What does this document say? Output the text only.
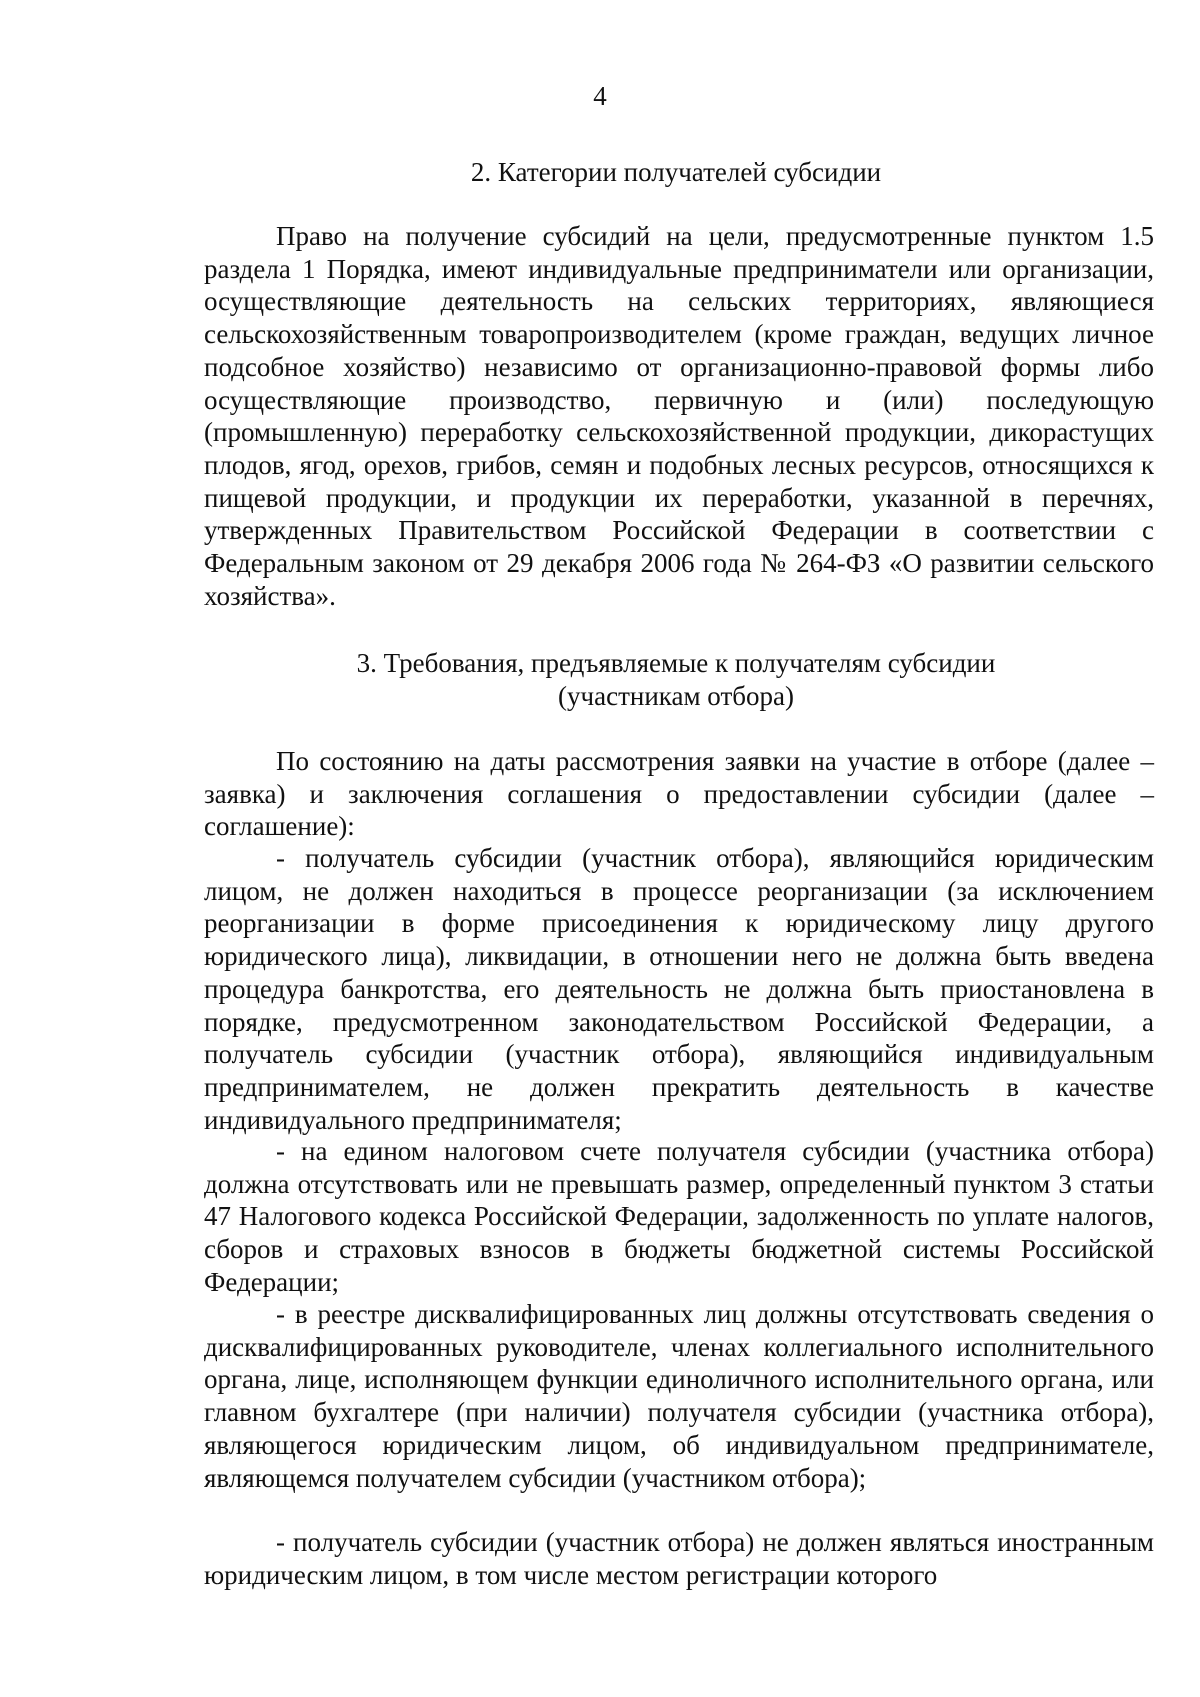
4
2. Категории получателей субсидии

Право на получение субсидий на цели, предусмотренные пунктом 1.5 раздела 1 Порядка, имеют индивидуальные предприниматели или организации, осуществляющие деятельность на сельских территориях, являющиеся сельскохозяйственным товаропроизводителем (кроме граждан, ведущих личное подсобное хозяйство) независимо от организационно-правовой формы либо осуществляющие производство, первичную и (или) последующую (промышленную) переработку сельскохозяйственной продукции, дикорастущих плодов, ягод, орехов, грибов, семян и подобных лесных ресурсов, относящихся к пищевой продукции, и продукции их переработки, указанной в перечнях, утвержденных Правительством Российской Федерации в соответствии с Федеральным законом от 29 декабря 2006 года № 264-ФЗ «О развитии сельского хозяйства».

3. Требования, предъявляемые к получателям субсидии
(участникам отбора)

По состоянию на даты рассмотрения заявки на участие в отборе (далее – заявка) и заключения соглашения о предоставлении субсидии (далее – соглашение):

- получатель субсидии (участник отбора), являющийся юридическим лицом, не должен находиться в процессе реорганизации (за исключением реорганизации в форме присоединения к юридическому лицу другого юридического лица), ликвидации, в отношении него не должна быть введена процедура банкротства, его деятельность не должна быть приостановлена в порядке, предусмотренном законодательством Российской Федерации, а получатель субсидии (участник отбора), являющийся индивидуальным предпринимателем, не должен прекратить деятельность в качестве индивидуального предпринимателя;

- на едином налоговом счете получателя субсидии (участника отбора) должна отсутствовать или не превышать размер, определенный пунктом 3 статьи 47 Налогового кодекса Российской Федерации, задолженность по уплате налогов, сборов и страховых взносов в бюджеты бюджетной системы Российской Федерации;

- в реестре дисквалифицированных лиц должны отсутствовать сведения о дисквалифицированных руководителе, членах коллегиального исполнительного органа, лице, исполняющем функции единоличного исполнительного органа, или главном бухгалтере (при наличии) получателя субсидии (участника отбора), являющегося юридическим лицом, об индивидуальном предпринимателе, являющемся получателем субсидии (участником отбора);

- получатель субсидии (участник отбора) не должен являться иностранным юридическим лицом, в том числе местом регистрации которого
